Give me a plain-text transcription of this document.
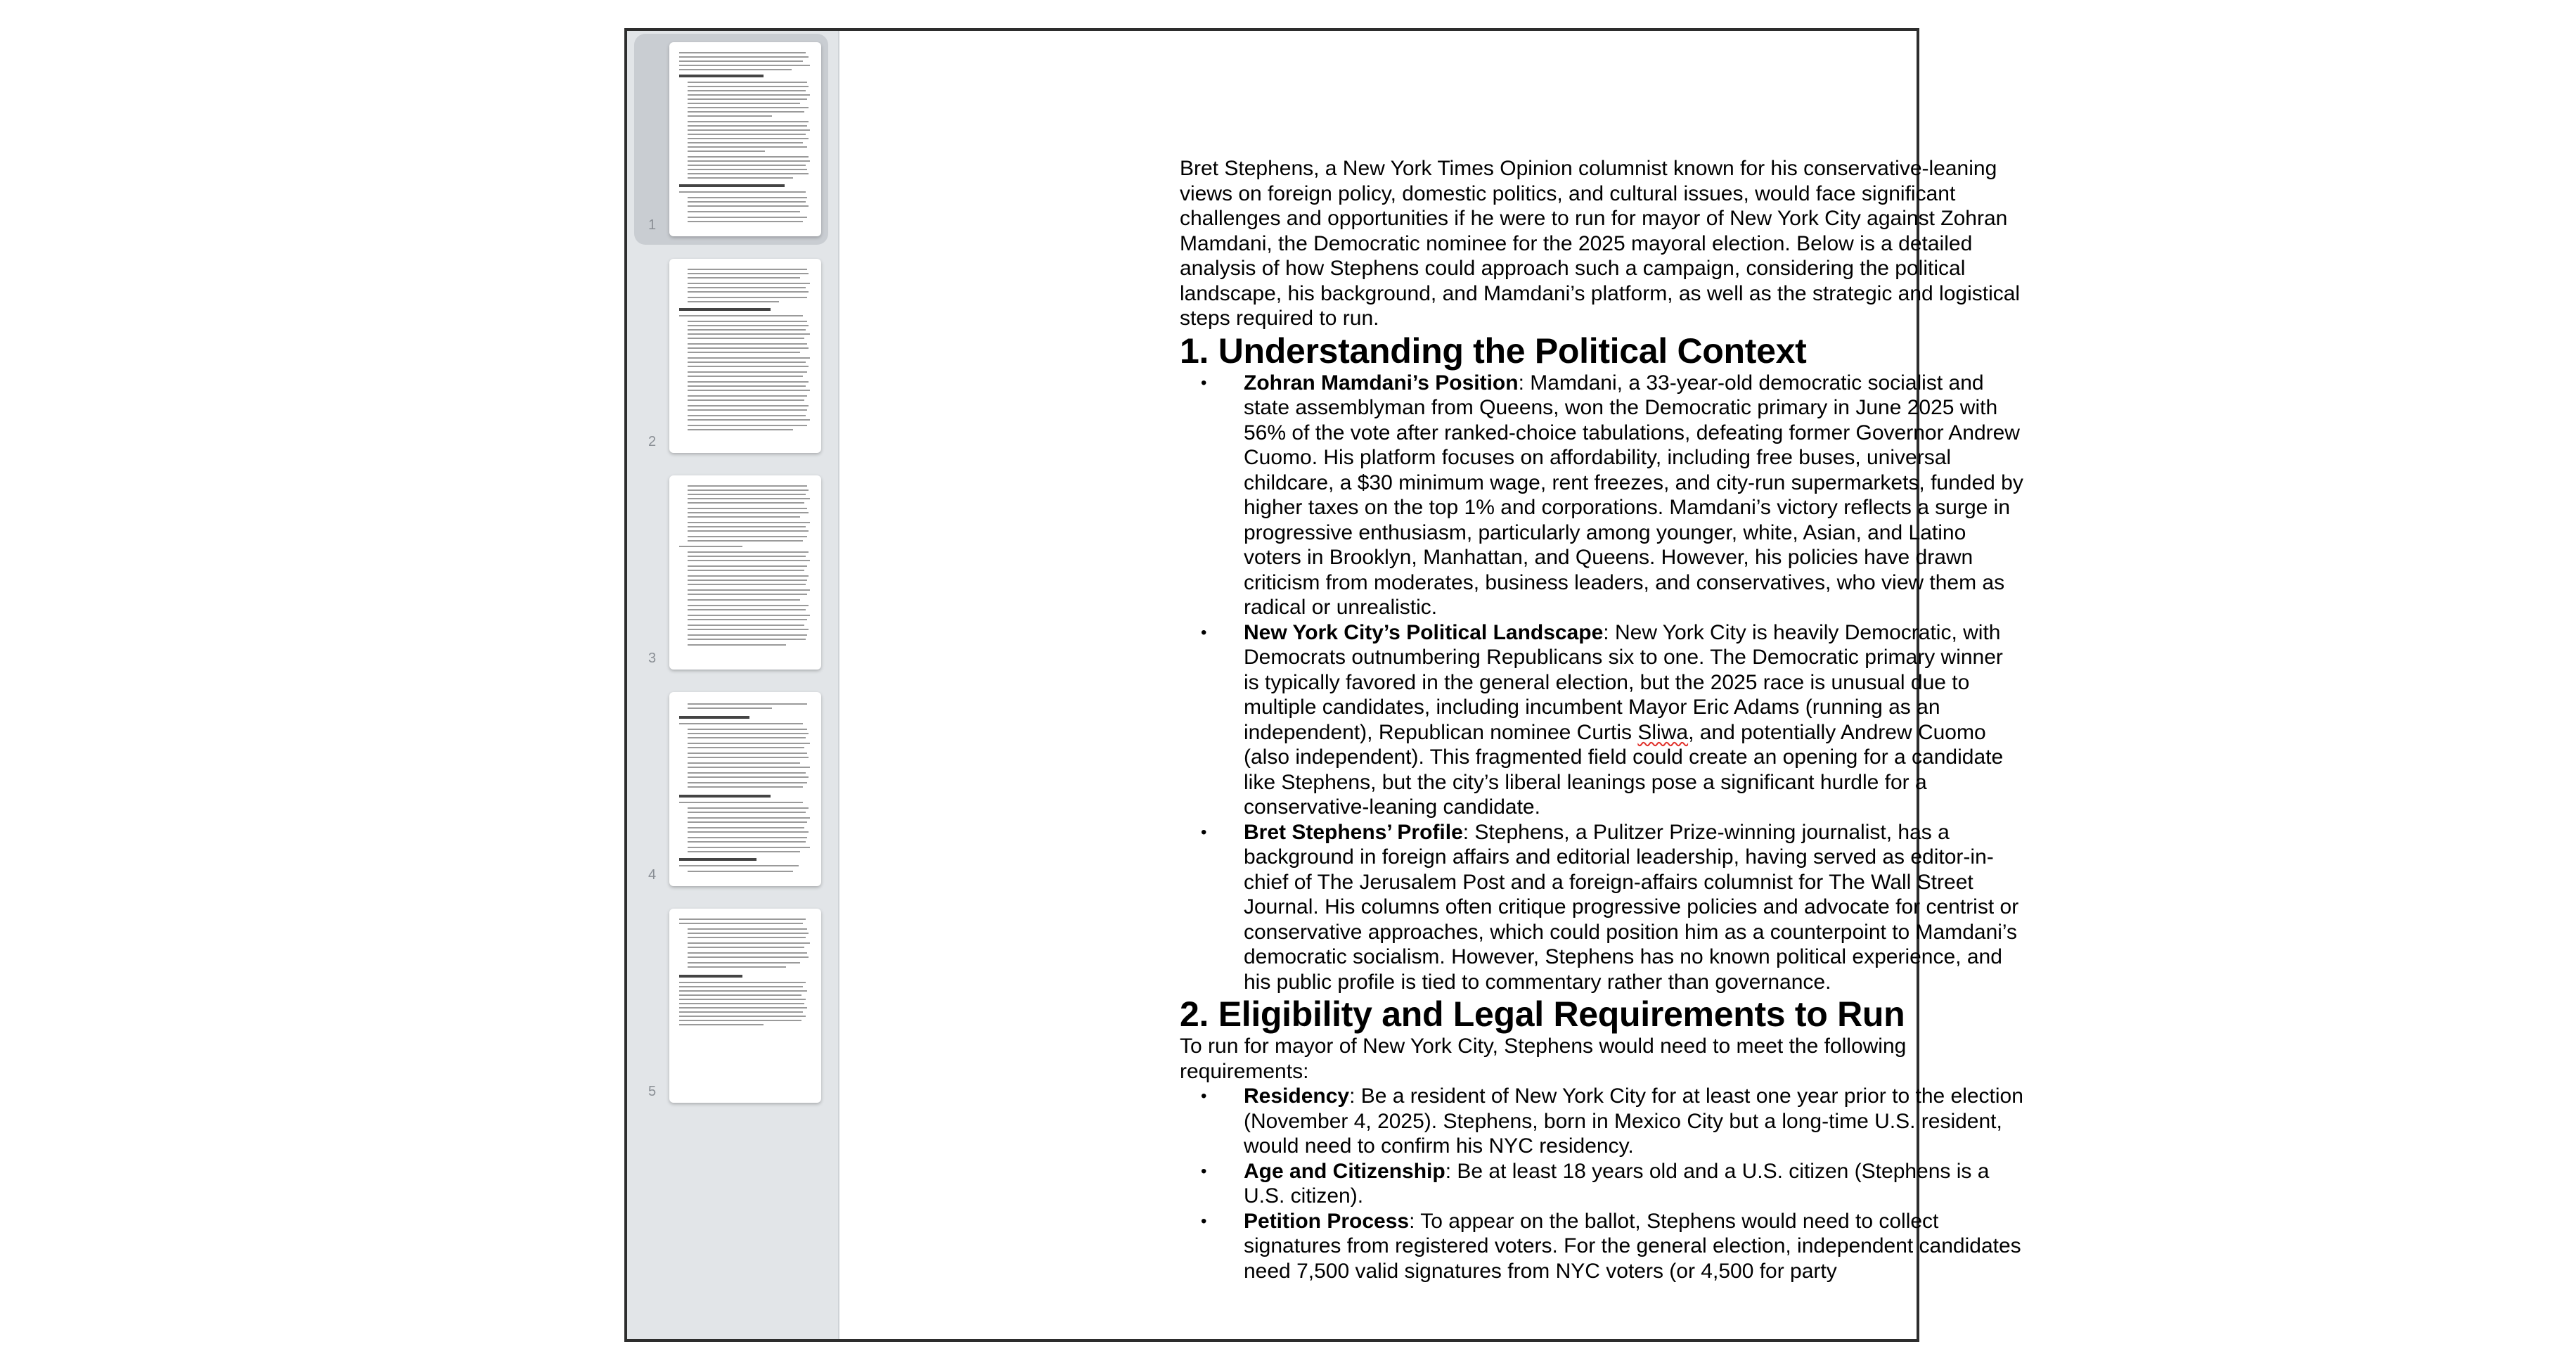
1
2
3
4
5

Bret Stephens, a New York Times Opinion columnist known for his conservative-leaning views on foreign policy, domestic politics, and cultural issues, would face significant challenges and opportunities if he were to run for mayor of New York City against Zohran Mamdani, the Democratic nominee for the 2025 mayoral election. Below is a detailed analysis of how Stephens could approach such a campaign, considering the political landscape, his background, and Mamdani’s platform, as well as the strategic and logistical steps required to run.

1. Understanding the Political Context
• Zohran Mamdani’s Position: Mamdani, a 33-year-old democratic socialist and state assemblyman from Queens, won the Democratic primary in June 2025 with 56% of the vote after ranked-choice tabulations, defeating former Governor Andrew Cuomo. His platform focuses on affordability, including free buses, universal childcare, a $30 minimum wage, rent freezes, and city-run supermarkets, funded by higher taxes on the top 1% and corporations. Mamdani’s victory reflects a surge in progressive enthusiasm, particularly among younger, white, Asian, and Latino voters in Brooklyn, Manhattan, and Queens. However, his policies have drawn criticism from moderates, business leaders, and conservatives, who view them as radical or unrealistic.
• New York City’s Political Landscape: New York City is heavily Democratic, with Democrats outnumbering Republicans six to one. The Democratic primary winner is typically favored in the general election, but the 2025 race is unusual due to multiple candidates, including incumbent Mayor Eric Adams (running as an independent), Republican nominee Curtis Sliwa, and potentially Andrew Cuomo (also independent). This fragmented field could create an opening for a candidate like Stephens, but the city’s liberal leanings pose a significant hurdle for a conservative-leaning candidate.
• Bret Stephens’ Profile: Stephens, a Pulitzer Prize-winning journalist, has a background in foreign affairs and editorial leadership, having served as editor-in-chief of The Jerusalem Post and a foreign-affairs columnist for The Wall Street Journal. His columns often critique progressive policies and advocate for centrist or conservative approaches, which could position him as a counterpoint to Mamdani’s democratic socialism. However, Stephens has no known political experience, and his public profile is tied to commentary rather than governance.
2. Eligibility and Legal Requirements to Run

To run for mayor of New York City, Stephens would need to meet the following requirements:

• Residency: Be a resident of New York City for at least one year prior to the election (November 4, 2025). Stephens, born in Mexico City but a long-time U.S. resident, would need to confirm his NYC residency.
• Age and Citizenship: Be at least 18 years old and a U.S. citizen (Stephens is a U.S. citizen).
• Petition Process: To appear on the ballot, Stephens would need to collect signatures from registered voters. For the general election, independent candidates need 7,500 valid signatures from NYC voters (or 4,500 for party
